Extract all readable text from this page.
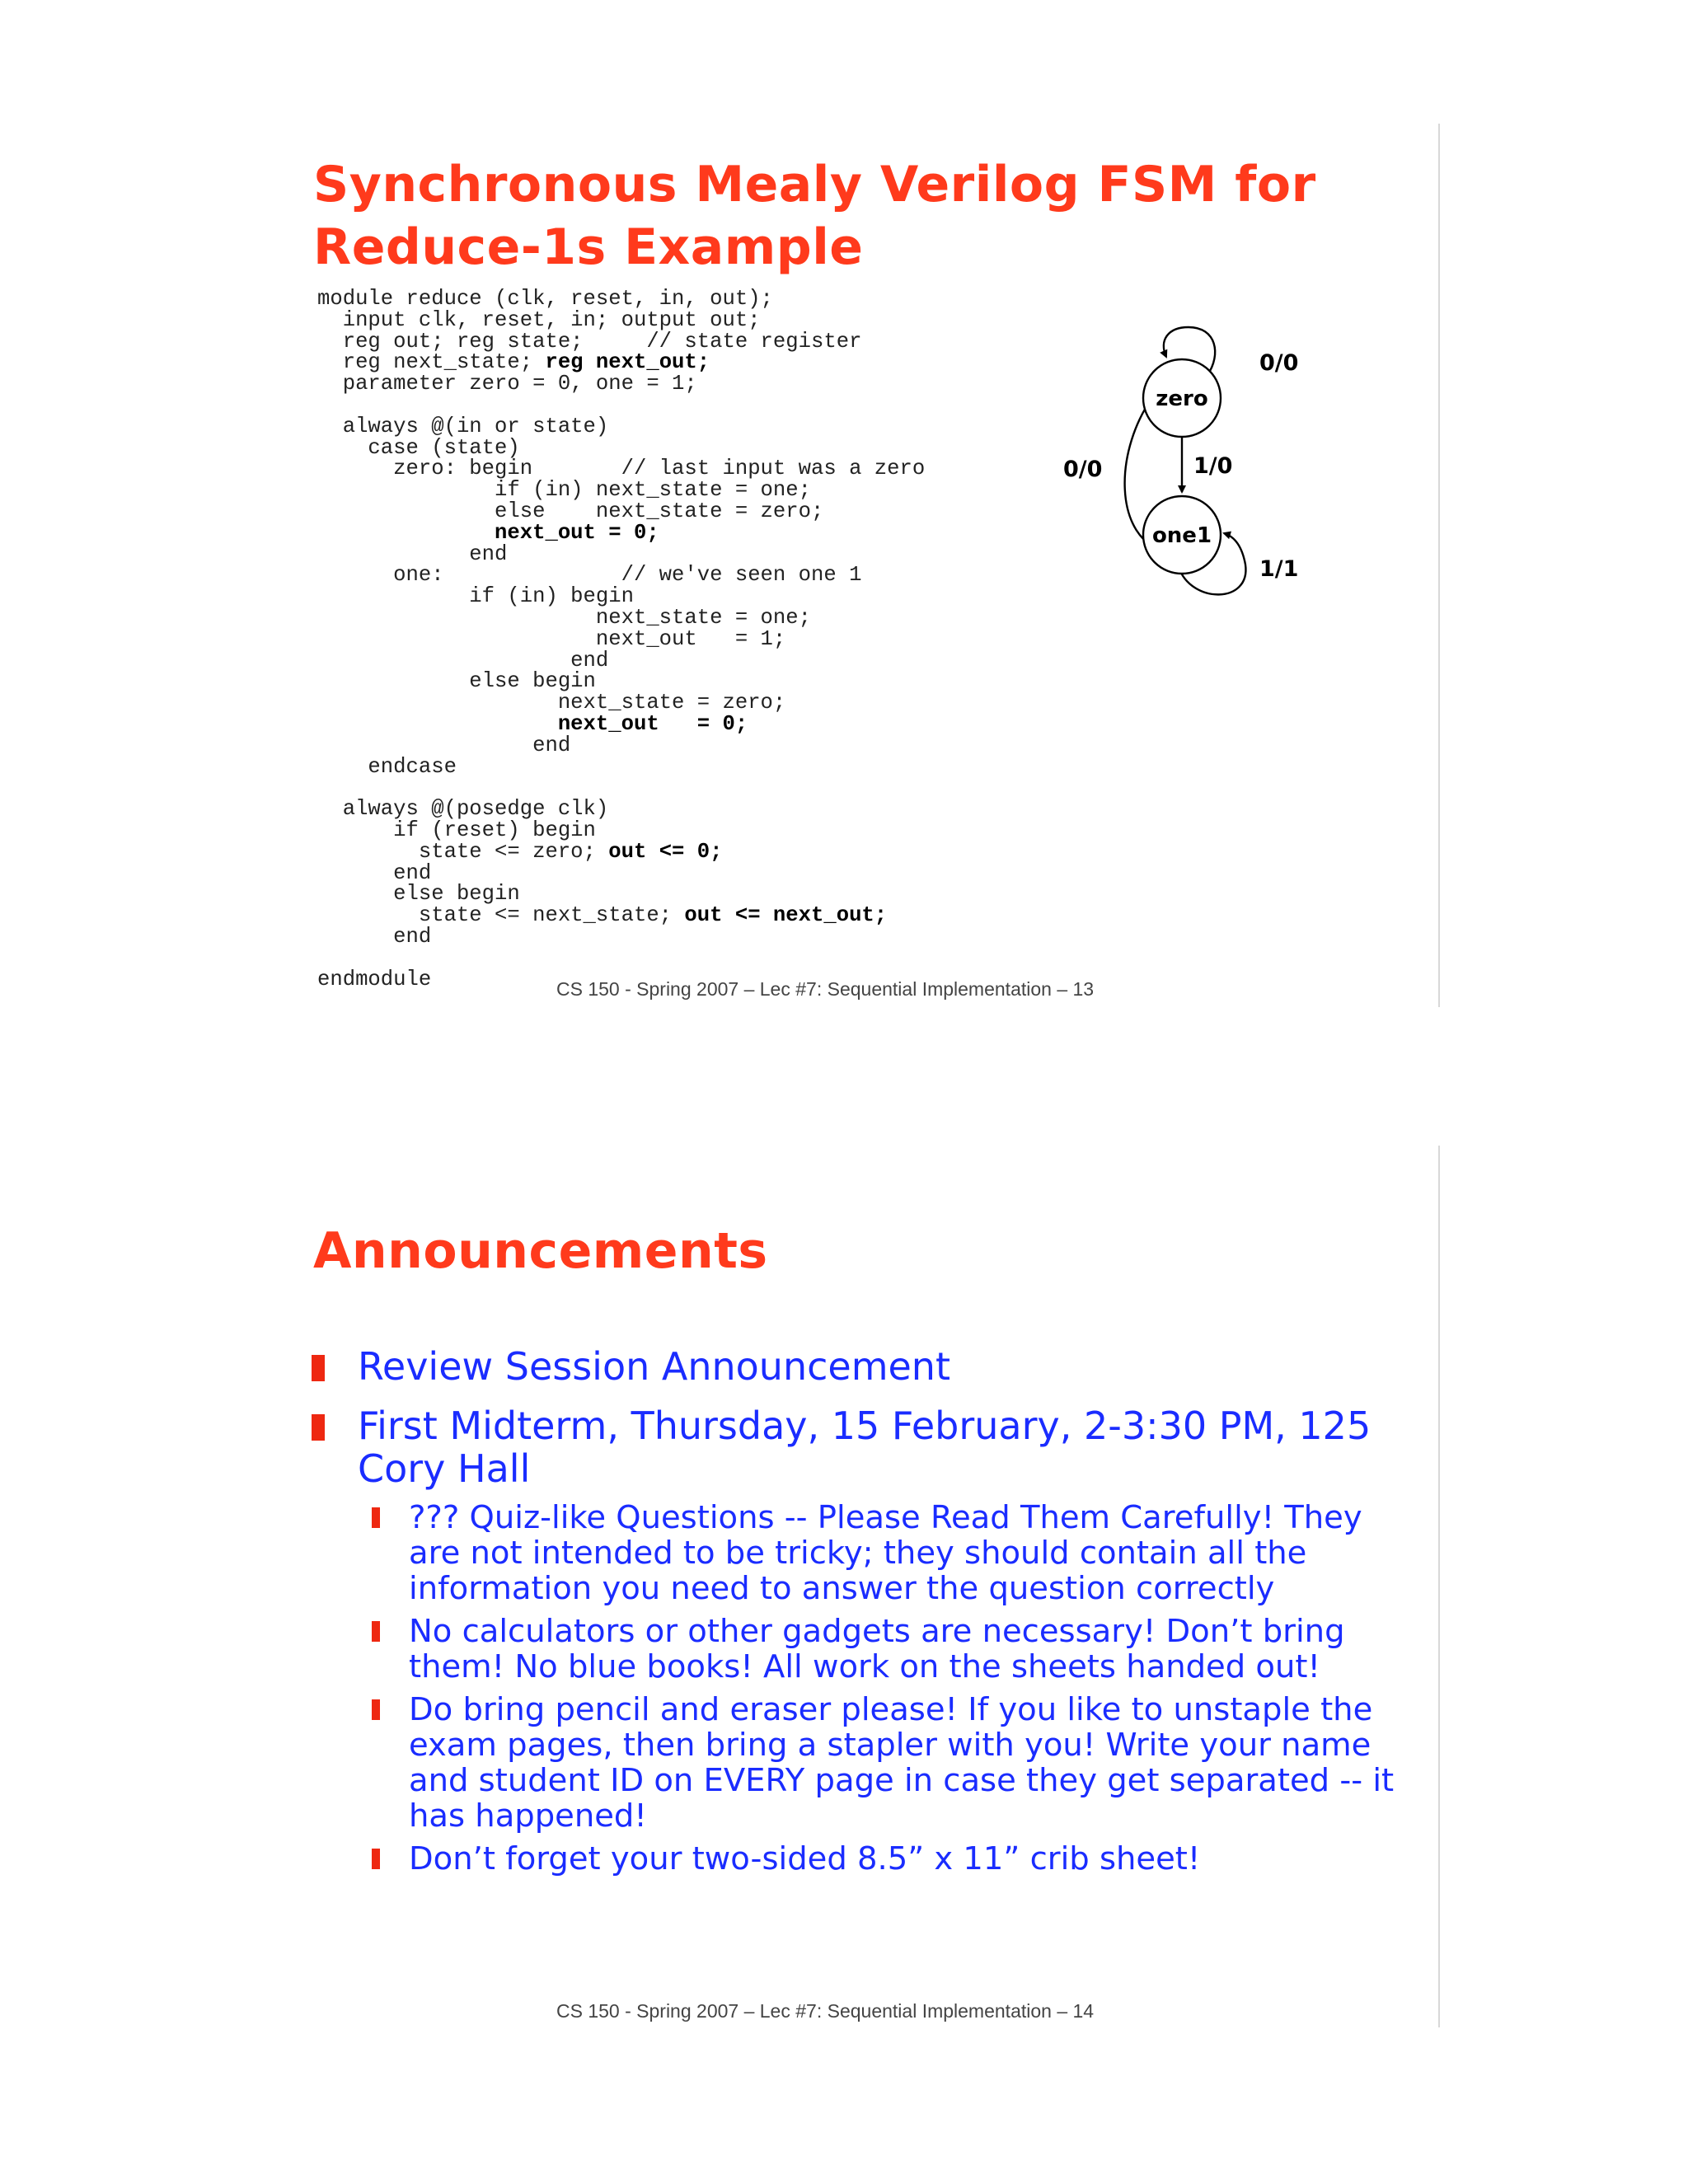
Synchronous Mealy Verilog FSM for
Reduce-1s Example
module reduce (clk, reset, in, out);
input clk, reset, in; output out;
reg out; reg state;     // state register
reg next_state; reg next_out;
parameter zero = 0, one = 1;
always @(in or state)
case (state)
zero: begin       // last input was a zero
if (in) next_state = one;
else    next_state = zero;
next_out = 0;
end
one:              // we've seen one 1
if (in) begin
next_state = one;
next_out   = 1;
end
else begin
next_state = zero;
next_out   = 0;
end
endcase
always @(posedge clk)
if (reset) begin
state <= zero; out <= 0;
end
else begin
state <= next_state; out <= next_out;
end
endmodule
zero
one1
0/0
1/0
0/0
1/1
CS 150 - Spring 2007 – Lec #7: Sequential Implementation – 13
Announcements
Review Session Announcement
First Midterm, Thursday, 15 February, 2-3:30 PM, 125 Cory Hall
??? Quiz-like Questions -- Please Read Them Carefully! They are not intended to be tricky; they should contain all the information you need to answer the question correctly
No calculators or other gadgets are necessary! Don’t bring them! No blue books! All work on the sheets handed out!
Do bring pencil and eraser please! If you like to unstaple the exam pages, then bring a stapler with you! Write your name and student ID on EVERY page in case they get separated -- it has happened!
Don’t forget your two-sided 8.5” x 11” crib sheet!
CS 150 - Spring 2007 – Lec #7: Sequential Implementation – 14
